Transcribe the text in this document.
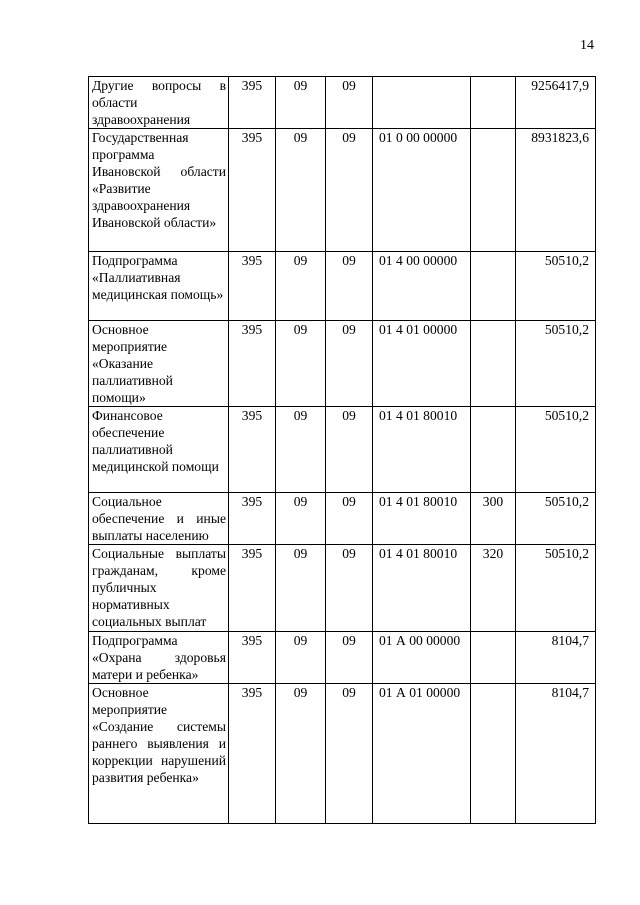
14
Другие вопросы в области здравоохранения	395	09	09			9256417,9
Государственная программа Ивановской области «Развитие здравоохранения Ивановской области»	395	09	09	01 0 00 00000		8931823,6
Подпрограмма «Паллиативная медицинская помощь»	395	09	09	01 4 00 00000		50510,2
Основное мероприятие «Оказание паллиативной помощи»	395	09	09	01 4 01 00000		50510,2
Финансовое обеспечение паллиативной медицинской помощи	395	09	09	01 4 01 80010		50510,2
Социальное обеспечение и иные выплаты населению	395	09	09	01 4 01 80010	300	50510,2
Социальные выплаты гражданам, кроме публичных нормативных социальных выплат	395	09	09	01 4 01 80010	320	50510,2
Подпрограмма «Охрана здоровья матери и ребенка»	395	09	09	01 А 00 00000		8104,7
Основное мероприятие «Создание системы раннего выявления и коррекции нарушений развития ребенка»	395	09	09	01 А 01 00000		8104,7
